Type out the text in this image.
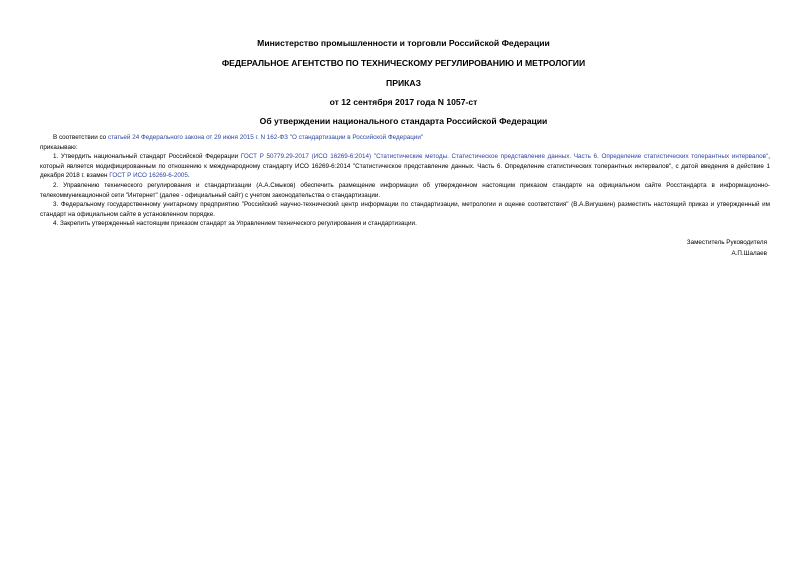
Министерство промышленности и торговли Российской Федерации
ФЕДЕРАЛЬНОЕ АГЕНТСТВО ПО ТЕХНИЧЕСКОМУ РЕГУЛИРОВАНИЮ И МЕТРОЛОГИИ
ПРИКАЗ
от 12 сентября 2017 года N 1057-ст
Об утверждении национального стандарта Российской Федерации

В соответствии со статьей 24 Федерального закона от 29 июня 2015 г. N 162-ФЗ "О стандартизации в Российской Федерации"

приказываю:

1. Утвердить национальный стандарт Российской Федерации ГОСТ Р 50779.29-2017 (ИСО 16269-6:2014) "Статистические методы. Статистическое представление данных. Часть 6. Определение статистических толерантных интервалов", который является модифицированным по отношению к международному стандарту ИСО 16269-6:2014 "Статистическое представление данных. Часть 6. Определение статистических толерантных интервалов", с датой введения в действие 1 декабря 2018 г. взамен ГОСТ Р ИСО 16269-6-2005.

2. Управлению технического регулирования и стандартизации (А.А.Смыков) обеспечить размещение информации об утвержденном настоящим приказом стандарте на официальном сайте Росстандарта в информационно-телекоммуникационной сети "Интернет" (далее - официальный сайт) с учетом законодательства о стандартизации.

3. Федеральному государственному унитарному предприятию "Российский научно-технический центр информации по стандартизации, метрологии и оценке соответствия" (В.А.Вигушкин) разместить настоящий приказ и утвержденный им стандарт на официальном сайте в установленном порядке.

4. Закрепить утвержденный настоящим приказом стандарт за Управлением технического регулирования и стандартизации.

Заместитель Руководителя
А.П.Шалаев
